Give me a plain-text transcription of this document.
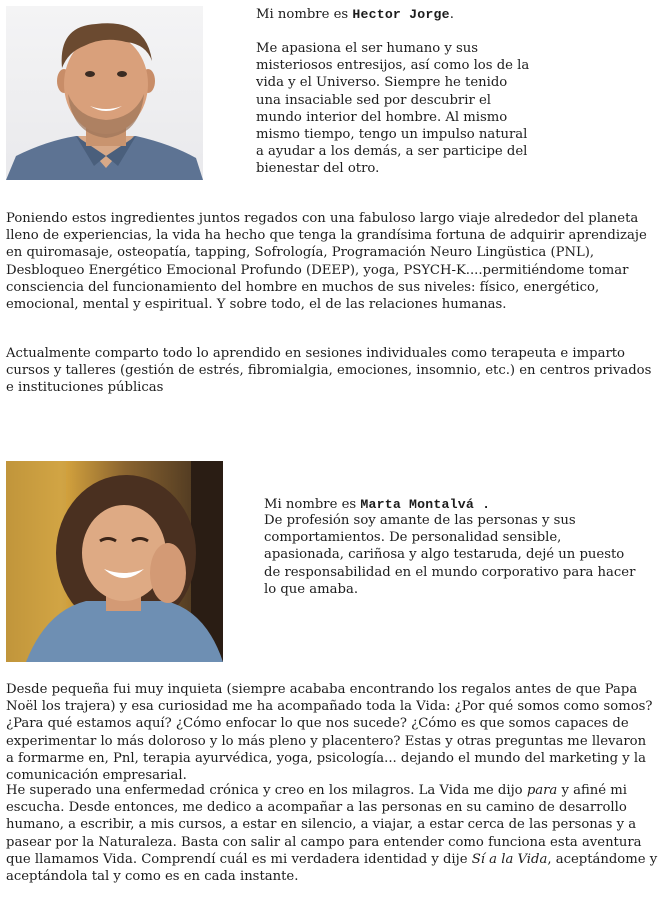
Mi nombre es Hector Jorge.

Me apasiona el ser humano y sus misteriosos entresijos, así como los de la vida y el Universo. Siempre he tenido una insaciable sed por descubrir el mundo interior del hombre. Al mismo mismo tiempo, tengo un impulso natural a ayudar a los demás, a ser participe del bienestar del otro.

Poniendo estos ingredientes juntos regados con una fabuloso largo viaje alrededor del planeta lleno de experiencias, la vida ha hecho que tenga la grandísima fortuna de adquirir aprendizaje en quiromasaje, osteopatía, tapping, Sofrología, Programación Neuro Lingüstica (PNL), Desbloqueo Energético Emocional Profundo (DEEP), yoga, PSYCH-K....permitiéndome tomar consciencia del funcionamiento del hombre en muchos de sus niveles: físico, energético, emocional, mental y espiritual. Y sobre todo, el de las relaciones humanas.

Actualmente comparto todo lo aprendido en sesiones individuales como terapeuta e imparto cursos y talleres (gestión de estrés, fibromialgia, emociones, insomnio, etc.) en centros privados e instituciones públicas

Mi nombre es Marta Montalvá .

De profesión soy amante de las personas y sus comportamientos. De personalidad sensible, apasionada, cariñosa y algo testaruda, dejé un puesto de responsabilidad en el mundo corporativo para hacer lo que amaba.

Desde pequeña fui muy inquieta (siempre acababa encontrando los regalos antes de que Papa Noël los trajera) y esa curiosidad me ha acompañado toda la Vida: ¿Por qué somos como somos? ¿Para qué estamos aquí? ¿Cómo enfocar lo que nos sucede? ¿Cómo es que somos capaces de experimentar lo más doloroso y lo más pleno y placentero? Estas y otras preguntas me llevaron a formarme en, Pnl, terapia ayurvédica, yoga, psicología... dejando el mundo del marketing y la comunicación empresarial.

He superado una enfermedad crónica y creo en los milagros. La Vida me dijo para y afiné mi escucha. Desde entonces, me dedico a acompañar a las personas en su camino de desarrollo humano, a escribir, a mis cursos, a estar en silencio, a viajar, a estar cerca de las personas y a pasear por la Naturaleza. Basta con salir al campo para entender como funciona esta aventura que llamamos Vida. Comprendí cuál es mi verdadera identidad y dije Sí a la Vida, aceptándome y aceptándola tal y como es en cada instante.
